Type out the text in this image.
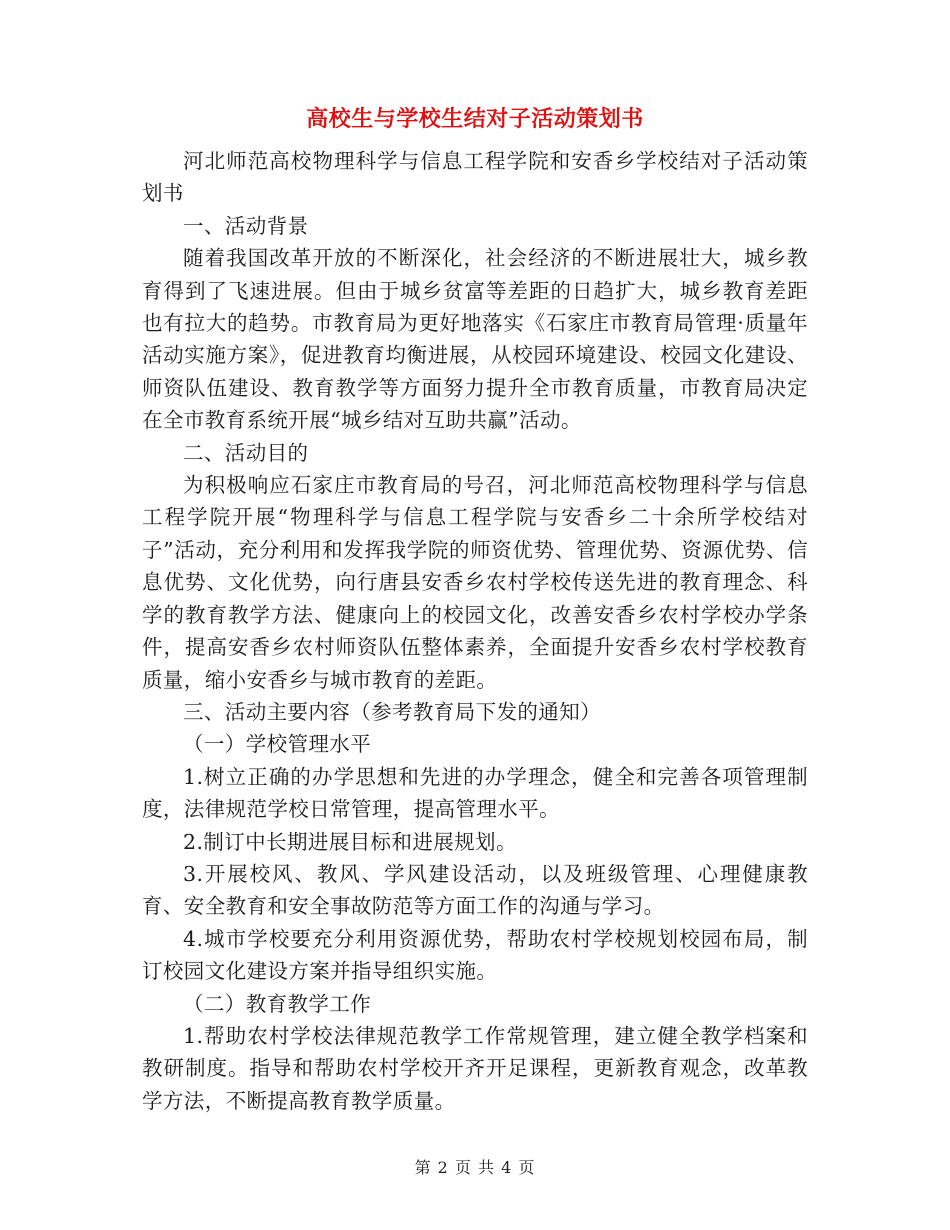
高校生与学校生结对子活动策划书

河北师范高校物理科学与信息工程学院和安香乡学校结对子活动策划书

一、活动背景

随着我国改革开放的不断深化，社会经济的不断进展壮大，城乡教育得到了飞速进展。但由于城乡贫富等差距的日趋扩大，城乡教育差距也有拉大的趋势。市教育局为更好地落实《石家庄市教育局管理·质量年活动实施方案》，促进教育均衡进展，从校园环境建设、校园文化建设、师资队伍建设、教育教学等方面努力提升全市教育质量，市教育局决定在全市教育系统开展“城乡结对互助共赢”活动。

二、活动目的

为积极响应石家庄市教育局的号召，河北师范高校物理科学与信息工程学院开展“物理科学与信息工程学院与安香乡二十余所学校结对子”活动，充分利用和发挥我学院的师资优势、管理优势、资源优势、信息优势、文化优势，向行唐县安香乡农村学校传送先进的教育理念、科学的教育教学方法、健康向上的校园文化，改善安香乡农村学校办学条件，提高安香乡农村师资队伍整体素养，全面提升安香乡农村学校教育质量，缩小安香乡与城市教育的差距。

三、活动主要内容（参考教育局下发的通知）

（一）学校管理水平

1.树立正确的办学思想和先进的办学理念，健全和完善各项管理制度，法律规范学校日常管理，提高管理水平。

2.制订中长期进展目标和进展规划。

3.开展校风、教风、学风建设活动，以及班级管理、心理健康教育、安全教育和安全事故防范等方面工作的沟通与学习。

4.城市学校要充分利用资源优势，帮助农村学校规划校园布局，制订校园文化建设方案并指导组织实施。

（二）教育教学工作

1.帮助农村学校法律规范教学工作常规管理，建立健全教学档案和教研制度。指导和帮助农村学校开齐开足课程，更新教育观念，改革教学方法，不断提高教育教学质量。

第 2 页 共 4 页
